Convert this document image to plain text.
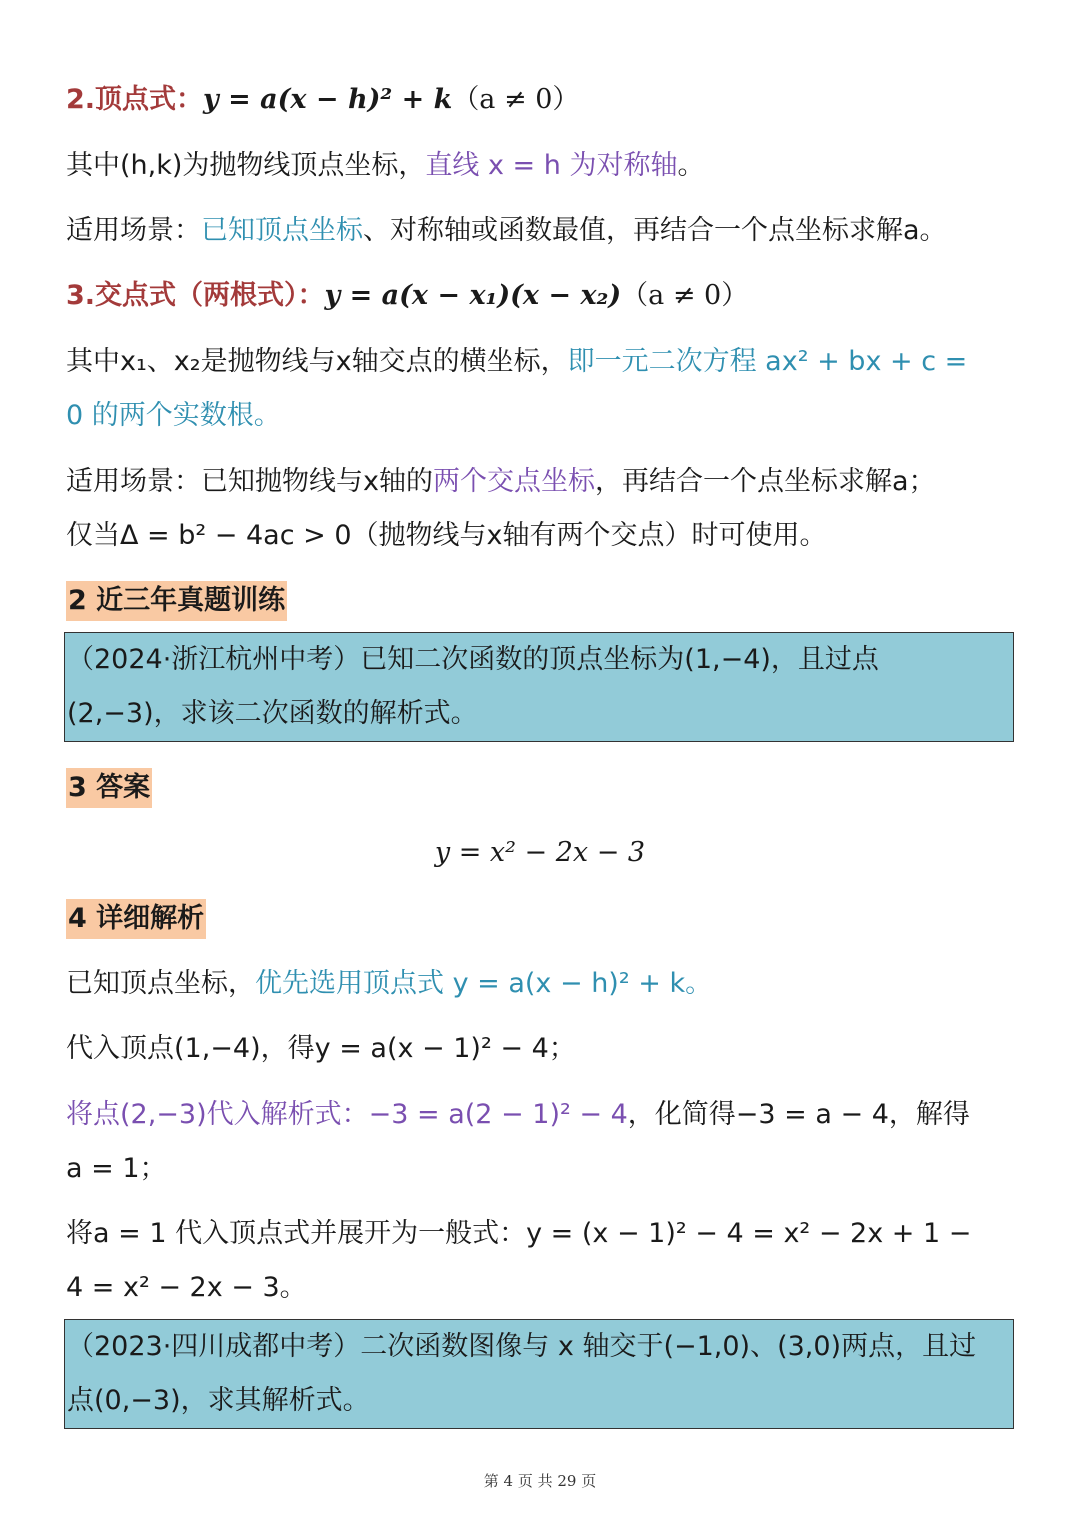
2.顶点式：y = a(x − h)² + k（a ≠ 0）
其中(h,k)为抛物线顶点坐标，直线 x = h 为对称轴。
适用场景：已知顶点坐标、对称轴或函数最值，再结合一个点坐标求解a。
3.交点式（两根式）：y = a(x − x₁)(x − x₂)（a ≠ 0）
其中x₁、x₂是抛物线与x轴交点的横坐标，即一元二次方程 ax² + bx + c =
0 的两个实数根。
适用场景：已知抛物线与x轴的两个交点坐标，再结合一个点坐标求解a；
仅当Δ = b² − 4ac > 0（抛物线与x轴有两个交点）时可使用。
2 近三年真题训练
（2024·浙江杭州中考）已知二次函数的顶点坐标为(1,−4)，且过点
(2,−3)，求该二次函数的解析式。
3 答案
y = x² − 2x − 3
4 详细解析
已知顶点坐标，优先选用顶点式 y = a(x − h)² + k。
代入顶点(1,−4)，得y = a(x − 1)² − 4；
将点(2,−3)代入解析式：−3 = a(2 − 1)² − 4，化简得−3 = a − 4，解得
a = 1；
将a = 1 代入顶点式并展开为一般式：y = (x − 1)² − 4 = x² − 2x + 1 −
4 = x² − 2x − 3。
（2023·四川成都中考）二次函数图像与 x 轴交于(−1,0)、(3,0)两点，且过
点(0,−3)，求其解析式。
第 4 页 共 29 页
